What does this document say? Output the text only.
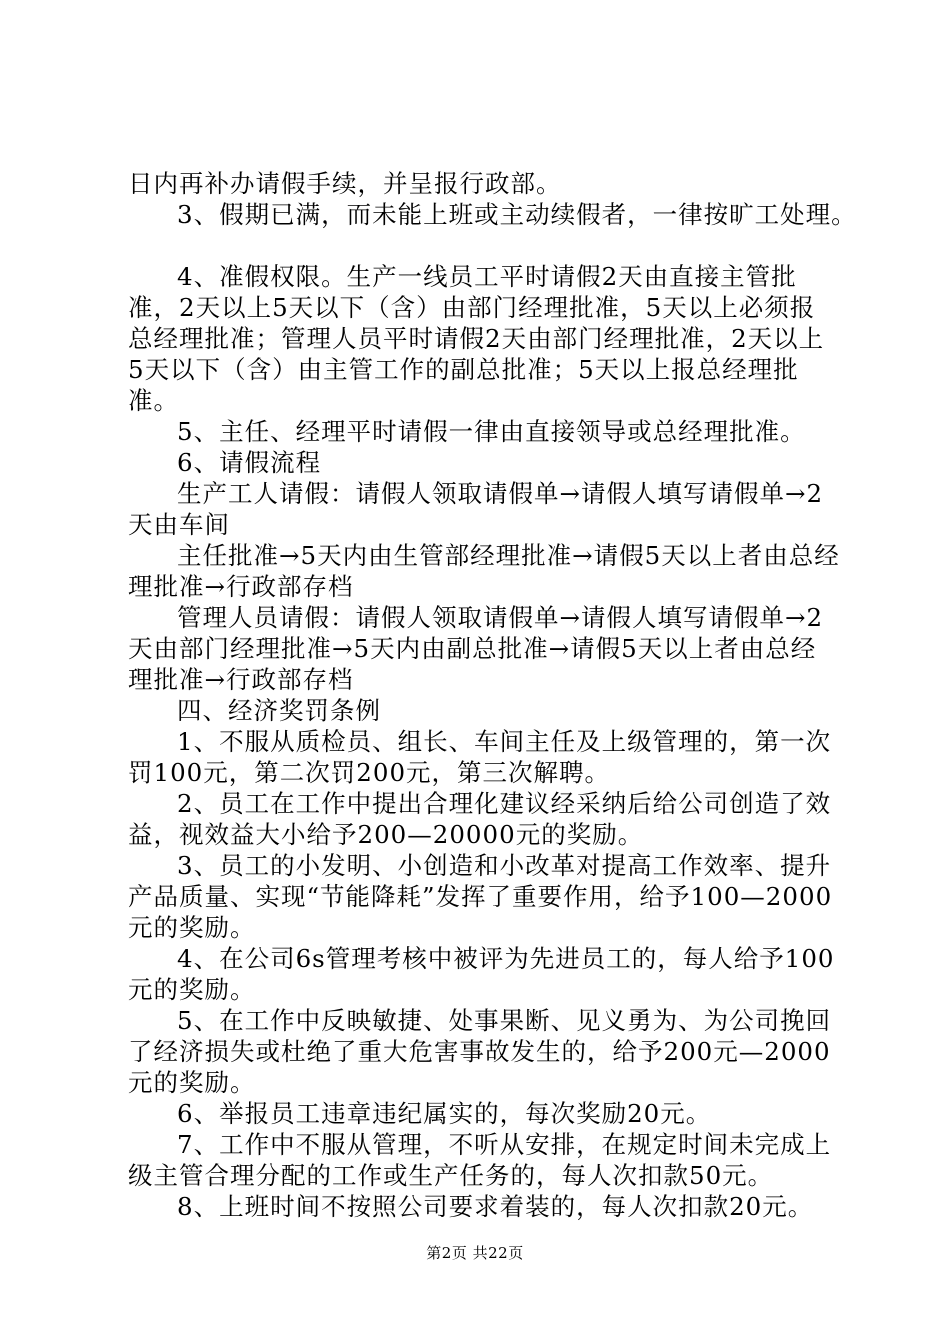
日内再补办请假手续，并呈报行政部。

3、假期已满，而未能上班或主动续假者，一律按旷工处理。

4、准假权限。生产一线员工平时请假2天由直接主管批准，2天以上5天以下（含）由部门经理批准，5天以上必须报总经理批准；管理人员平时请假2天由部门经理批准，2天以上5天以下（含）由主管工作的副总批准；5天以上报总经理批准。

5、主任、经理平时请假一律由直接领导或总经理批准。

6、请假流程

生产工人请假：请假人领取请假单→请假人填写请假单→2天由车间

主任批准→5天内由生管部经理批准→请假5天以上者由总经理批准→行政部存档

管理人员请假：请假人领取请假单→请假人填写请假单→2天由部门经理批准→5天内由副总批准→请假5天以上者由总经理批准→行政部存档

四、经济奖罚条例

1、不服从质检员、组长、车间主任及上级管理的，第一次罚100元，第二次罚200元，第三次解聘。

2、员工在工作中提出合理化建议经采纳后给公司创造了效益，视效益大小给予200—20000元的奖励。

3、员工的小发明、小创造和小改革对提高工作效率、提升产品质量、实现“节能降耗”发挥了重要作用，给予100—2000元的奖励。

4、在公司6s管理考核中被评为先进员工的，每人给予100元的奖励。

5、在工作中反映敏捷、处事果断、见义勇为、为公司挽回了经济损失或杜绝了重大危害事故发生的，给予200元—2000元的奖励。

6、举报员工违章违纪属实的，每次奖励20元。

7、工作中不服从管理，不听从安排，在规定时间未完成上级主管合理分配的工作或生产任务的，每人次扣款50元。

8、上班时间不按照公司要求着装的，每人次扣款20元。

第2页 共22页
